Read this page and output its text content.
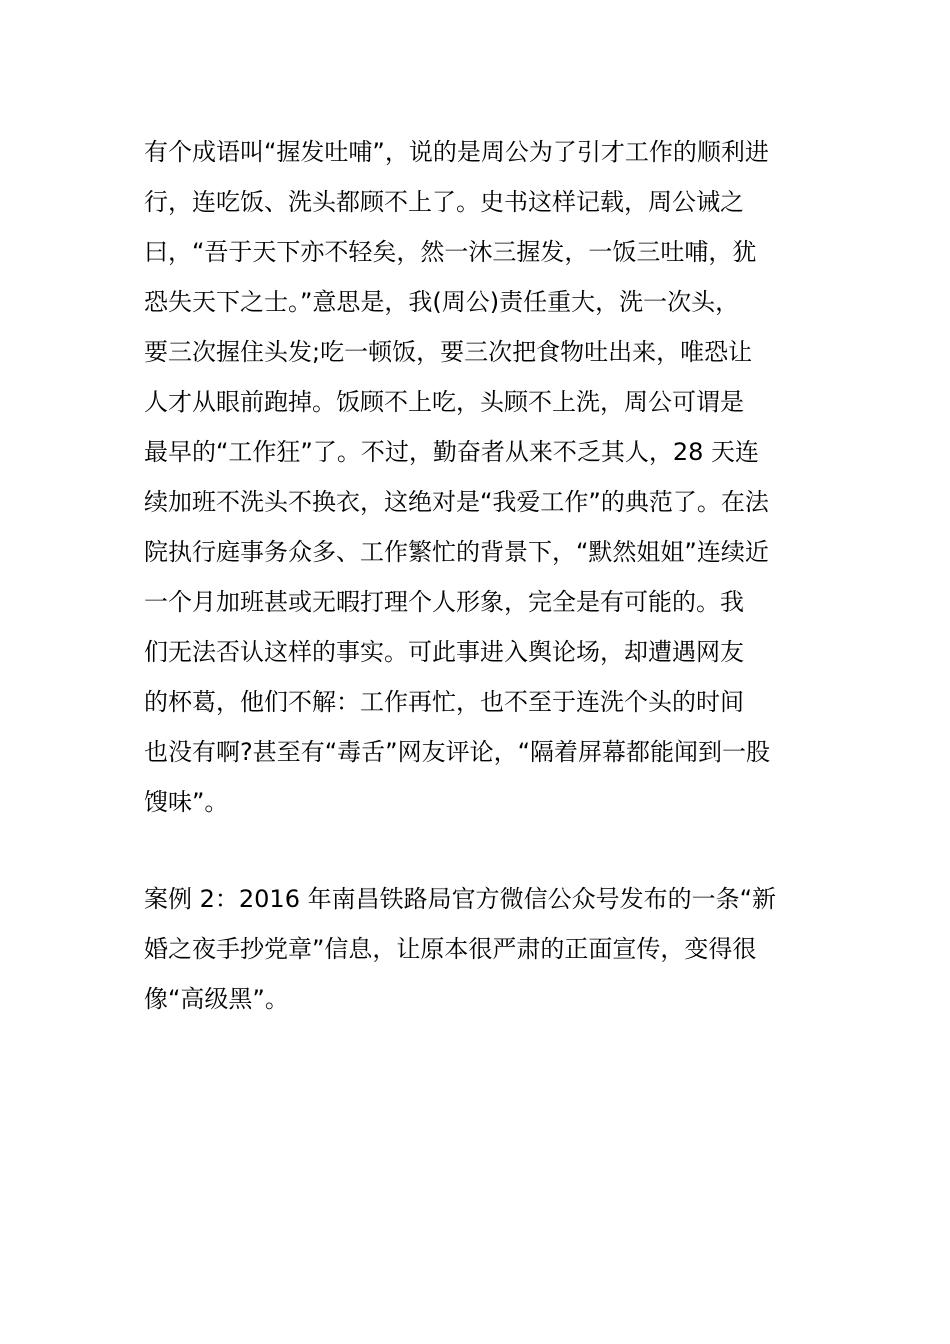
有个成语叫“握发吐哺”，说的是周公为了引才工作的顺利进
行，连吃饭、洗头都顾不上了。史书这样记载，周公诫之
曰，“吾于天下亦不轻矣，然一沐三握发，一饭三吐哺，犹
恐失天下之士。”意思是，我(周公)责任重大，洗一次头，
要三次握住头发;吃一顿饭，要三次把食物吐出来，唯恐让
人才从眼前跑掉。饭顾不上吃，头顾不上洗，周公可谓是
最早的“工作狂”了。不过，勤奋者从来不乏其人，28 天连
续加班不洗头不换衣，这绝对是“我爱工作”的典范了。在法
院执行庭事务众多、工作繁忙的背景下，“默然姐姐”连续近
一个月加班甚或无暇打理个人形象，完全是有可能的。我
们无法否认这样的事实。可此事进入舆论场，却遭遇网友
的杯葛，他们不解：工作再忙，也不至于连洗个头的时间
也没有啊?甚至有“毒舌”网友评论，“隔着屏幕都能闻到一股
馊味”。
案例 2：2016 年南昌铁路局官方微信公众号发布的一条“新
婚之夜手抄党章”信息，让原本很严肃的正面宣传，变得很
像“高级黑”。
